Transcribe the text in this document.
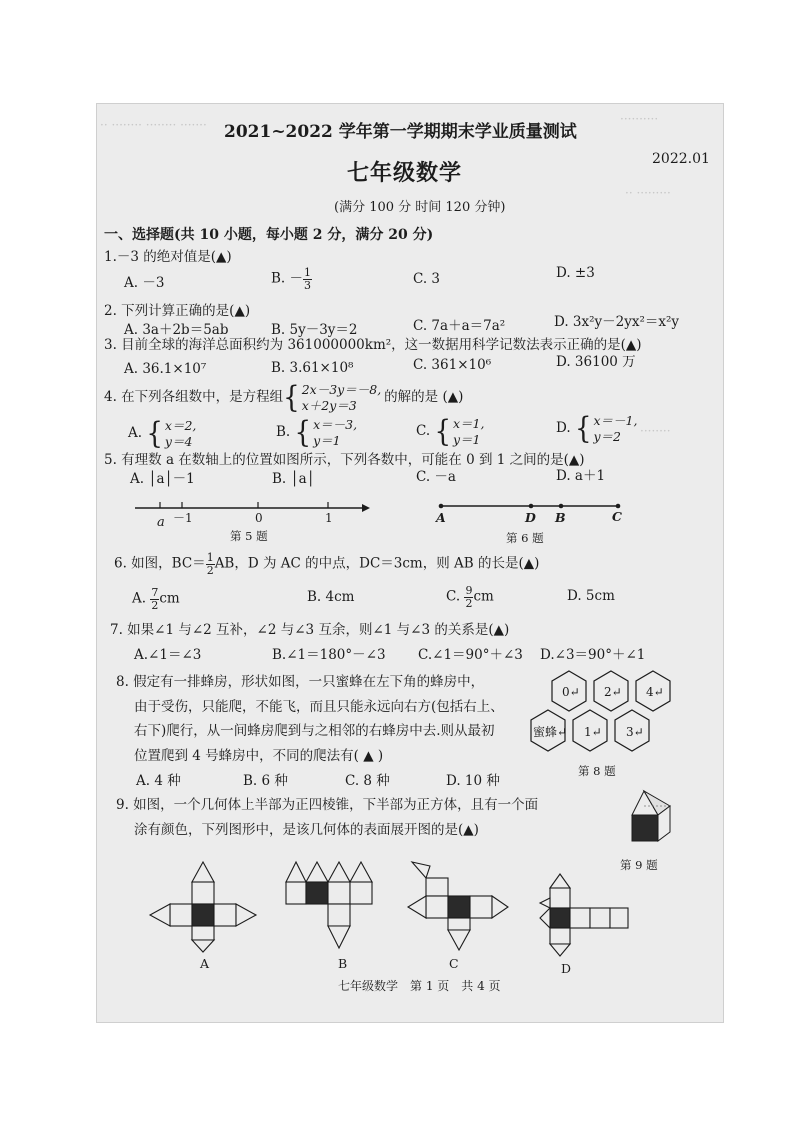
·· ········ ········ ·······	··········
·· ·········
········
2021~2022 学年第一学期期末学业质量测试
七年级数学
2022.01
(满分 100 分 时间 120 分钟)
一、选择题(共 10 小题，每小题 2 分，满分 20 分)
1.－3 的绝对值是(▲)
A. －3	B. － $\frac{1}{3}$	C. 3	D. ±3
2. 下列计算正确的是(▲)
A. 3a＋2b＝5ab	B. 5y－3y＝2	C. 7a＋a＝7a²	D. 3x²y－2yx²＝x²y
3. 目前全球的海洋总面积约为 361000000km²，这一数据用科学记数法表示正确的是(▲)
A. 36.1×10⁷	B. 3.61×10⁸	C. 361×10⁶	D. 36100 万
4. 在下列各组数中，是方程组{ 2x－3y＝－8,
x＋2y＝3
的解的是 (▲)
A. { x＝2,
y＝4
B. { x＝－3,
y＝1
C. { x＝1,
y＝1
D. { x＝－1,
y＝2
5. 有理数 a 在数轴上的位置如图所示，下列各数中，可能在 0 到 1 之间的是(▲)
A. │a│－1	B. │a│	C. －a	D. a＋1
a －1	0	1
第 5 题
A	D B	C
第 6 题
6. 如图，$BC= \frac{1}{2}$ AB，D 为 AC 的中点，DC＝3cm，则 AB 的长是(▲)
A. $\frac{7}{2}$ cm	B. 4cm	C. $\frac{9}{2}$ cm	D. 5cm
7. 如果∠1 与∠2 互补，∠2 与∠3 互余，则∠1 与∠3 的关系是(▲)
A.∠1＝∠3	B.∠1＝180°－∠3 C.∠1＝90°＋∠3 D.∠3＝90°＋∠1
8. 假定有一排蜂房，形状如图，一只蜜蜂在左下角的蜂房中，
由于受伤，只能爬，不能飞，而且只能永远向右方(包括右上、
右下)爬行，从一间蜂房爬到与之相邻的右蜂房中去.则从最初
位置爬到 4 号蜂房中，不同的爬法有( ▲ )
A. 4 种	B. 6 种	C. 8 种	D. 10 种
0↵ 2↵ 4↵
蜜蜂↵ 1↵ 3↵
第 8 题
9. 如图，一个几何体上半部为正四棱锥，下半部为正方体，且有一个面
涂有颜色，下列图形中，是该几何体的表面展开图的是(▲)
第 9 题
A	B	C	D
七年级数学　第 1 页　共 4 页
